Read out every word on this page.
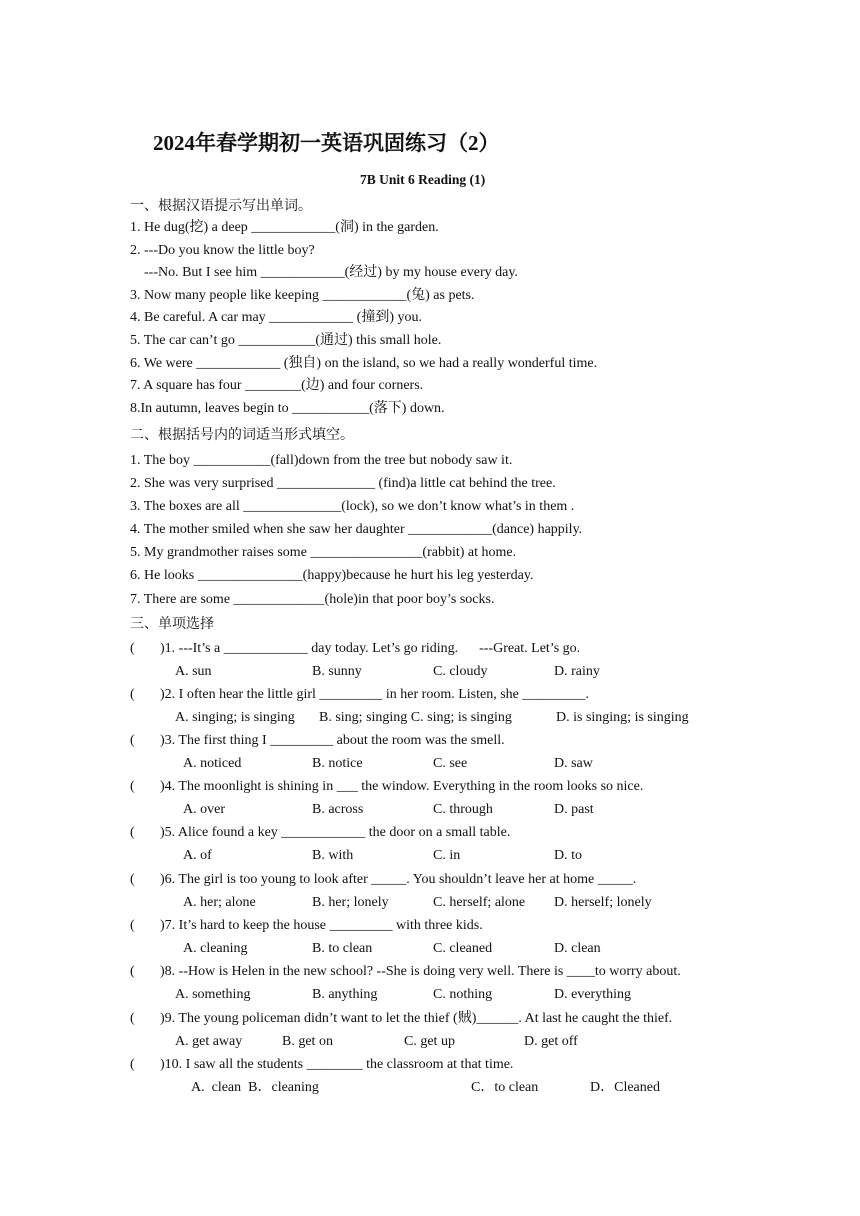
2024年春学期初一英语巩固练习（2）
7B Unit 6 Reading (1)
一、根据汉语提示写出单词。
1. He dug(挖) a deep ____________(洞) in the garden.
2. ---Do you know the little boy?
---No. But I see him ____________(经过) by my house every day.
3. Now many people like keeping ____________(兔) as pets.
4. Be careful. A car may ____________ (撞到) you.
5. The car can’t go ___________(通过) this small hole.
6. We were ____________ (独自) on the island, so we had a really wonderful time.
7. A square has four ________(边) and four corners.
8.In autumn, leaves begin to ___________(落下) down.
二、根据括号内的词适当形式填空。
1. The boy ___________(fall)down from the tree but nobody saw it.
2. She was very surprised ______________ (find)a little cat behind the tree.
3. The boxes are all ______________(lock), so we don’t know what’s in them .
4. The mother smiled when she saw her daughter ____________(dance) happily.
5. My grandmother raises some ________________(rabbit) at home.
6. He looks _______________(happy)because he hurt his leg yesterday.
7. There are some _____________(hole)in that poor boy’s socks.
三、单项选择
( )1. ---It’s a ____________ day today. Let’s go riding.      ---Great. Let’s go.
A. sun	B. sunny	C. cloudy	D. rainy
( )2. I often hear the little girl _________ in her room. Listen, she _________.
A. singing; is singing B. sing; singing C. sing; is singing	D. is singing; is singing
( )3. The first thing I _________ about the room was the smell.
A. noticed	B. notice	C. see	D. saw
( )4. The moonlight is shining in ___ the window. Everything in the room looks so nice.
A. over	B. across	C. through	D. past
( )5. Alice found a key ____________ the door on a small table.
A. of	B. with	C. in	D. to
( )6. The girl is too young to look after _____. You shouldn’t leave her at home _____.
A. her; alone	B. her; lonely	C. herself; alone D. herself; lonely
( )7. It’s hard to keep the house _________ with three kids.
A. cleaning	B. to clean	C. cleaned	D. clean
( )8. --How is Helen in the new school? --She is doing very well. There is ____to worry about.
A. something	B. anything	C. nothing	D. everything
( )9. The young policeman didn’t want to let the thief (贼)______. At last he caught the thief.
A. get away	B. get on	C. get up	D. get off
( )10. I saw all the students ________ the classroom at that time.
A.  clean  B．cleaning	C．to clean	D．Cleaned
